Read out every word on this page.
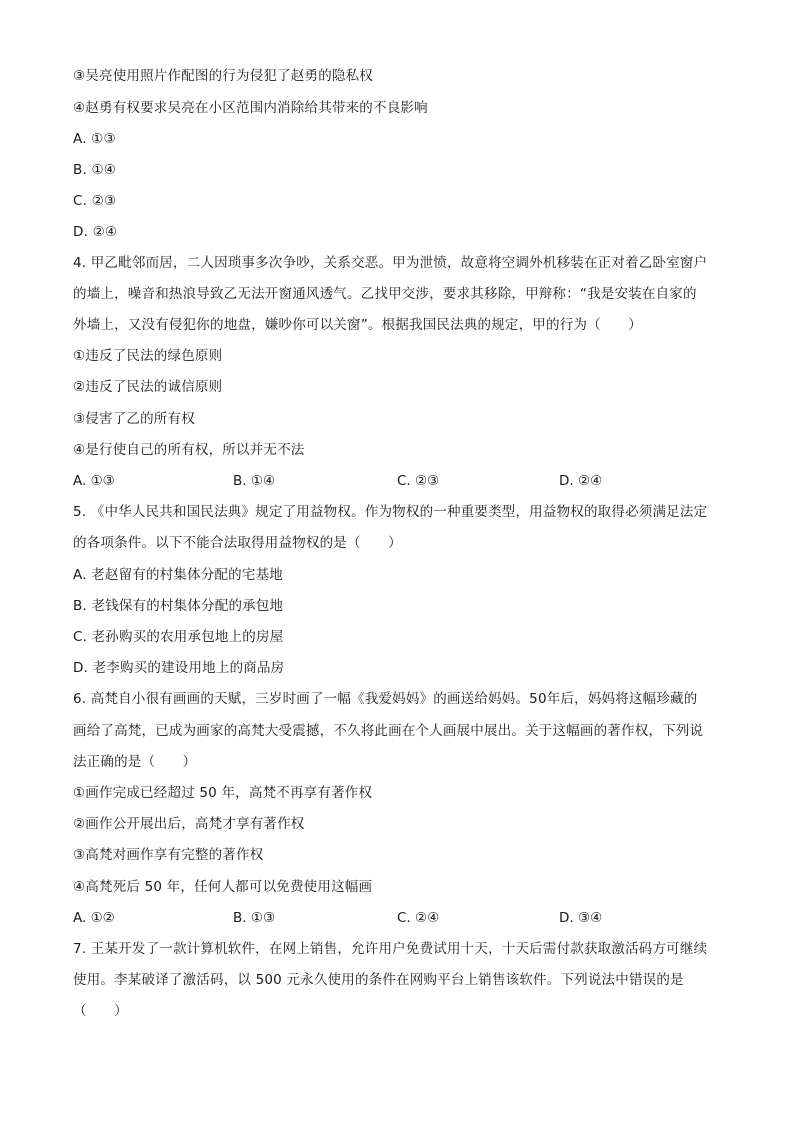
③吴亮使用照片作配图的行为侵犯了赵勇的隐私权
④赵勇有权要求吴亮在小区范围内消除给其带来的不良影响
A. ①③
B. ①④
C. ②③
D. ②④
4. 甲乙毗邻而居，二人因琐事多次争吵，关系交恶。甲为泄愤，故意将空调外机移装在正对着乙卧室窗户
的墙上，噪音和热浪导致乙无法开窗通风透气。乙找甲交涉，要求其移除，甲辩称：“我是安装在自家的
外墙上，又没有侵犯你的地盘，嫌吵你可以关窗”。根据我国民法典的规定，甲的行为（　　）
①违反了民法的绿色原则
②违反了民法的诚信原则
③侵害了乙的所有权
④是行使自己的所有权，所以并无不法
A. ①③	B. ①④	C. ②③	D. ②④
5. 《中华人民共和国民法典》规定了用益物权。作为物权的一种重要类型，用益物权的取得必须满足法定
的各项条件。以下不能合法取得用益物权的是（　　）
A. 老赵留有的村集体分配的宅基地
B. 老钱保有的村集体分配的承包地
C. 老孙购买的农用承包地上的房屋
D. 老李购买的建设用地上的商品房
6. 高梵自小很有画画的天赋，三岁时画了一幅《我爱妈妈》的画送给妈妈。50年后，妈妈将这幅珍藏的
画给了高梵，已成为画家的高梵大受震撼，不久将此画在个人画展中展出。关于这幅画的著作权，下列说
法正确的是（　　）
①画作完成已经超过 50 年，高梵不再享有著作权
②画作公开展出后，高梵才享有著作权
③高梵对画作享有完整的著作权
④高梵死后 50 年，任何人都可以免费使用这幅画
A. ①②	B. ①③	C. ②④	D. ③④
7. 王某开发了一款计算机软件，在网上销售，允许用户免费试用十天，十天后需付款获取激活码方可继续
使用。李某破译了激活码，以 500 元永久使用的条件在网购平台上销售该软件。下列说法中错误的是
（　　）
